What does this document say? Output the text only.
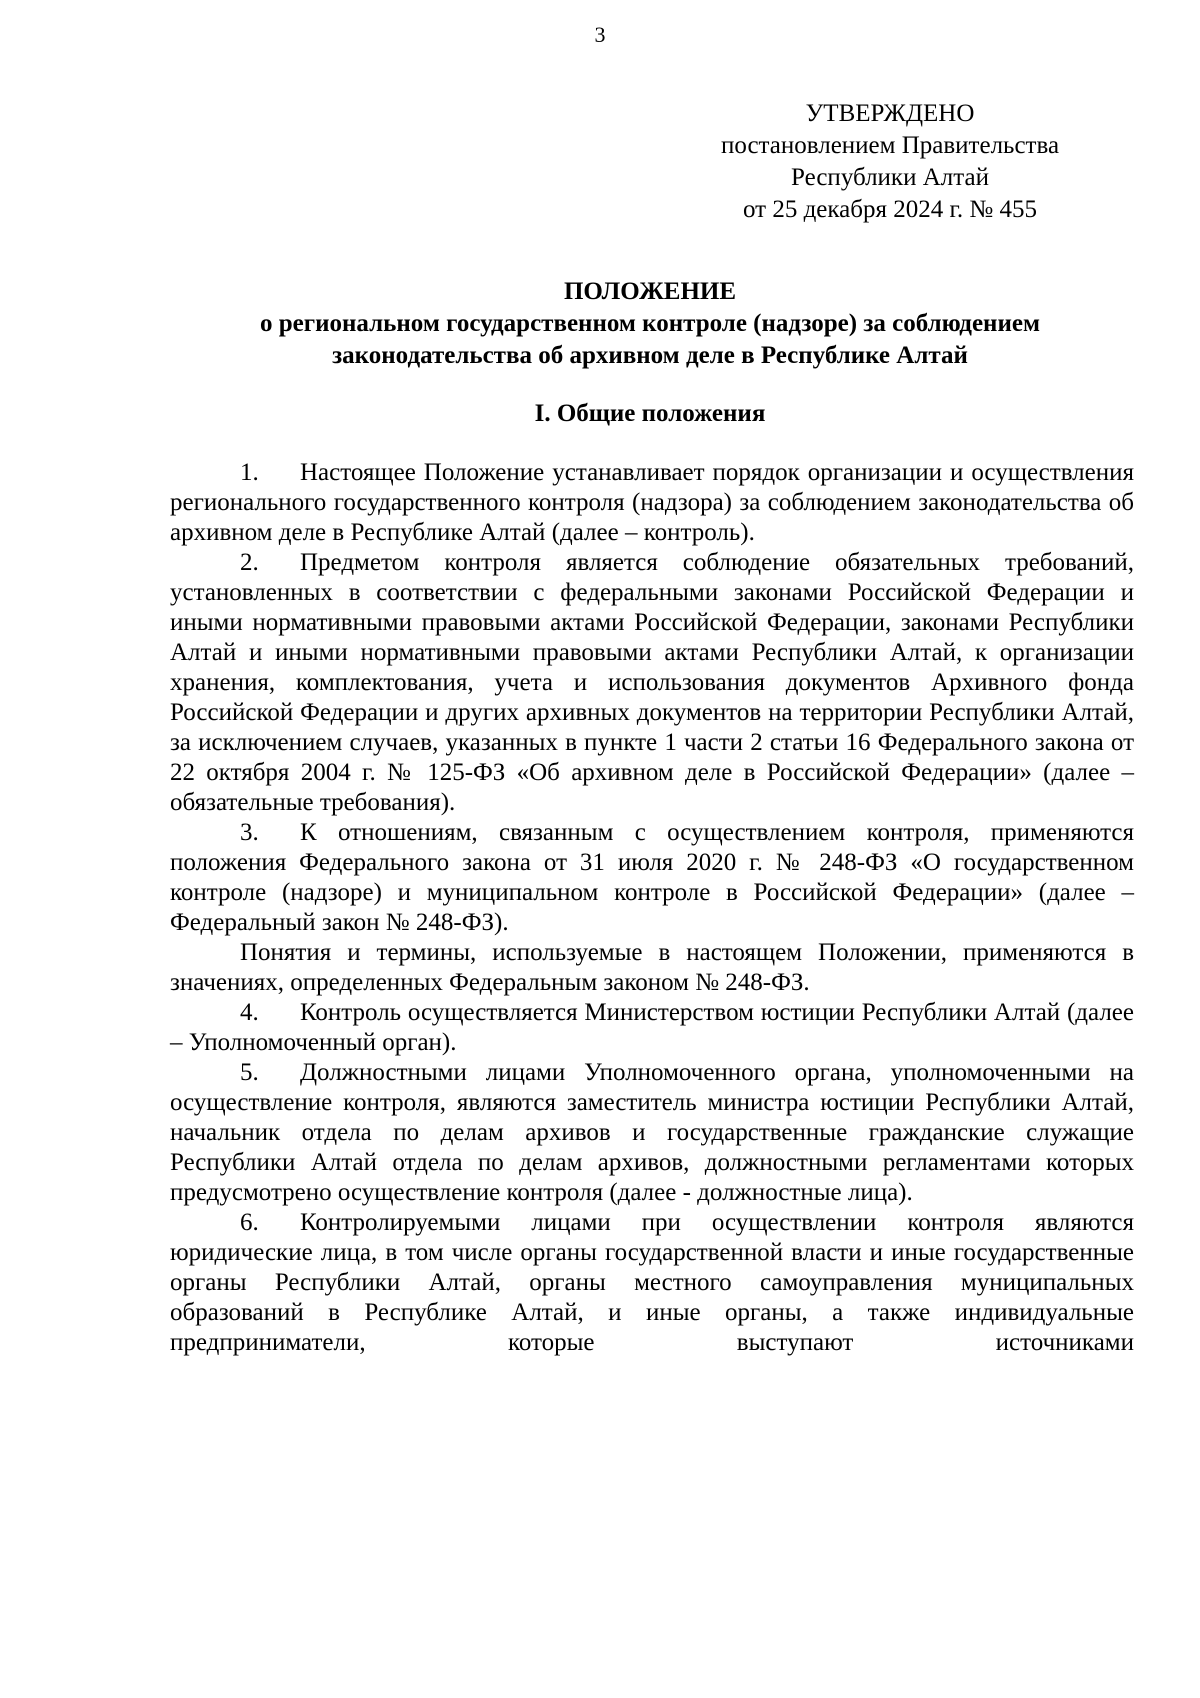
3
УТВЕРЖДЕНО
постановлением Правительства
Республики Алтай
от 25 декабря 2024 г. № 455
ПОЛОЖЕНИЕ
о региональном государственном контроле (надзоре) за соблюдением
законодательства об архивном деле в Республике Алтай
I. Общие положения

1. Настоящее Положение устанавливает порядок организации и осуществления регионального государственного контроля (надзора) за соблюдением законодательства об архивном деле в Республике Алтай (далее – контроль).

2. Предметом контроля является соблюдение обязательных требований, установленных в соответствии с федеральными законами Российской Федерации и иными нормативными правовыми актами Российской Федерации, законами Республики Алтай и иными нормативными правовыми актами Республики Алтай, к организации хранения, комплектования, учета и использования документов Архивного фонда Российской Федерации и других архивных документов на территории Республики Алтай, за исключением случаев, указанных в пункте 1 части 2 статьи 16 Федерального закона от 22 октября 2004 г. № 125-ФЗ «Об архивном деле в Российской Федерации» (далее – обязательные требования).

3. К отношениям, связанным с осуществлением контроля, применяются положения Федерального закона от 31 июля 2020 г. № 248-ФЗ «О государственном контроле (надзоре) и муниципальном контроле в Российской Федерации» (далее – Федеральный закон № 248-ФЗ).

Понятия и термины, используемые в настоящем Положении, применяются в значениях, определенных Федеральным законом № 248-ФЗ.

4. Контроль осуществляется Министерством юстиции Республики Алтай (далее – Уполномоченный орган).

5. Должностными лицами Уполномоченного органа, уполномоченными на осуществление контроля, являются заместитель министра юстиции Республики Алтай, начальник отдела по делам архивов и государственные гражданские служащие Республики Алтай отдела по делам архивов, должностными регламентами которых предусмотрено осуществление контроля (далее - должностные лица).

6. Контролируемыми лицами при осуществлении контроля являются юридические лица, в том числе органы государственной власти и иные государственные органы Республики Алтай, органы местного самоуправления муниципальных образований в Республике Алтай, и иные органы, а также индивидуальные предприниматели, которые выступают источниками
